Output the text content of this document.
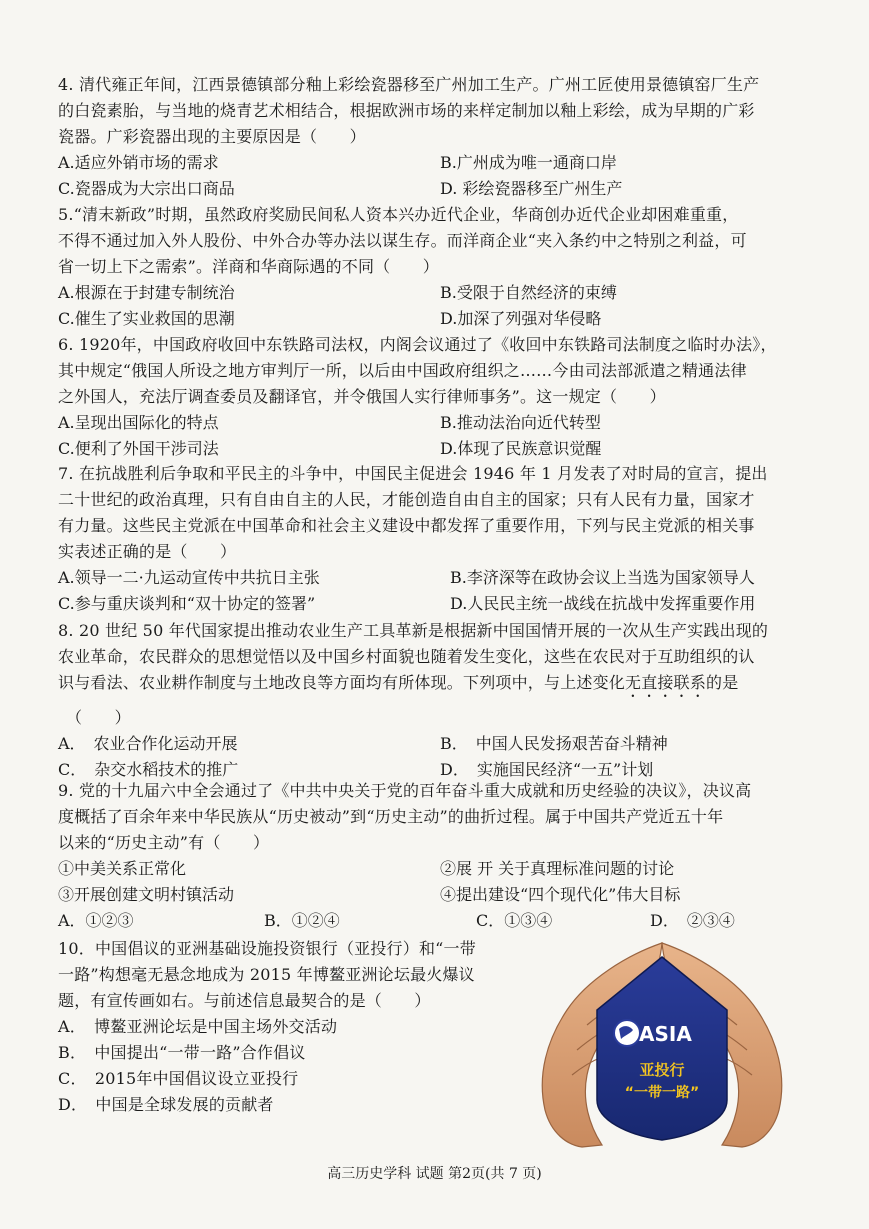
4. 清代雍正年间，江西景德镇部分釉上彩绘瓷器移至广州加工生产。广州工匠使用景德镇窑厂生产
的白瓷素胎，与当地的烧青艺术相结合，根据欧洲市场的来样定制加以釉上彩绘，成为早期的广彩
瓷器。广彩瓷器出现的主要原因是（　　）
A.适应外销市场的需求	B.广州成为唯一通商口岸
C.瓷器成为大宗出口商品	D. 彩绘瓷器移至广州生产
5.“清末新政”时期，虽然政府奖励民间私人资本兴办近代企业，华商创办近代企业却困难重重，
不得不通过加入外人股份、中外合办等办法以谋生存。而洋商企业“夹入条约中之特别之利益，可
省一切上下之需索”。洋商和华商际遇的不同（　　）
A.根源在于封建专制统治	B.受限于自然经济的束缚
C.催生了实业救国的思潮	D.加深了列强对华侵略
6. 1920年，中国政府收回中东铁路司法权，内阁会议通过了《收回中东铁路司法制度之临时办法》，
其中规定“俄国人所设之地方审判厅一所，以后由中国政府组织之……今由司法部派遣之精通法律
之外国人，充法厅调查委员及翻译官，并令俄国人实行律师事务”。这一规定（　　）
A.呈现出国际化的特点	B.推动法治向近代转型
C.便利了外国干涉司法	D.体现了民族意识觉醒
7. 在抗战胜利后争取和平民主的斗争中，中国民主促进会 1946 年 1 月发表了对时局的宣言，提出
二十世纪的政治真理，只有自由自主的人民，才能创造自由自主的国家；只有人民有力量，国家才
有力量。这些民主党派在中国革命和社会主义建设中都发挥了重要作用，下列与民主党派的相关事
实表述正确的是（　　）
A.领导一二·九运动宣传中共抗日主张	B.李济深等在政协会议上当选为国家领导人
C.参与重庆谈判和“双十协定的签署”	D.人民民主统一战线在抗战中发挥重要作用
8. 20 世纪 50 年代国家提出推动农业生产工具革新是根据新中国国情开展的一次从生产实践出现的
农业革命，农民群众的思想觉悟以及中国乡村面貌也随着发生变化，这些在农民对于互助组织的认
识与看法、农业耕作制度与土地改良等方面均有所体现。下列项中，与上述变化无直接联系的是
（　　）
A．　农业合作化运动开展	B．　中国人民发扬艰苦奋斗精神
C．　杂交水稻技术的推广	D．　实施国民经济“一五”计划
9. 党的十九届六中全会通过了《中共中央关于党的百年奋斗重大成就和历史经验的决议》，决议高
度概括了百余年来中华民族从“历史被动”到“历史主动”的曲折过程。属于中国共产党近五十年
以来的“历史主动”有（　　）
①中美关系正常化	②展 开 关于真理标准问题的讨论
③开展创建文明村镇活动	④提出建设“四个现代化”伟大目标
A．①②③	B．①②④	C．①③④	D．　②③④
10．中国倡议的亚洲基础设施投资银行（亚投行）和“一带
一路”构想毫无悬念地成为 2015 年博鳌亚洲论坛最火爆议
题，有宣传画如右。与前述信息最契合的是（　　）
A．　博鳌亚洲论坛是中国主场外交活动
B．　中国提出“一带一路”合作倡议
C．　2015年中国倡议设立亚投行
D．　中国是全球发展的贡献者
ASIA
亚投行
“一带一路”
高三历史学科 试题 第2页(共 7 页)
